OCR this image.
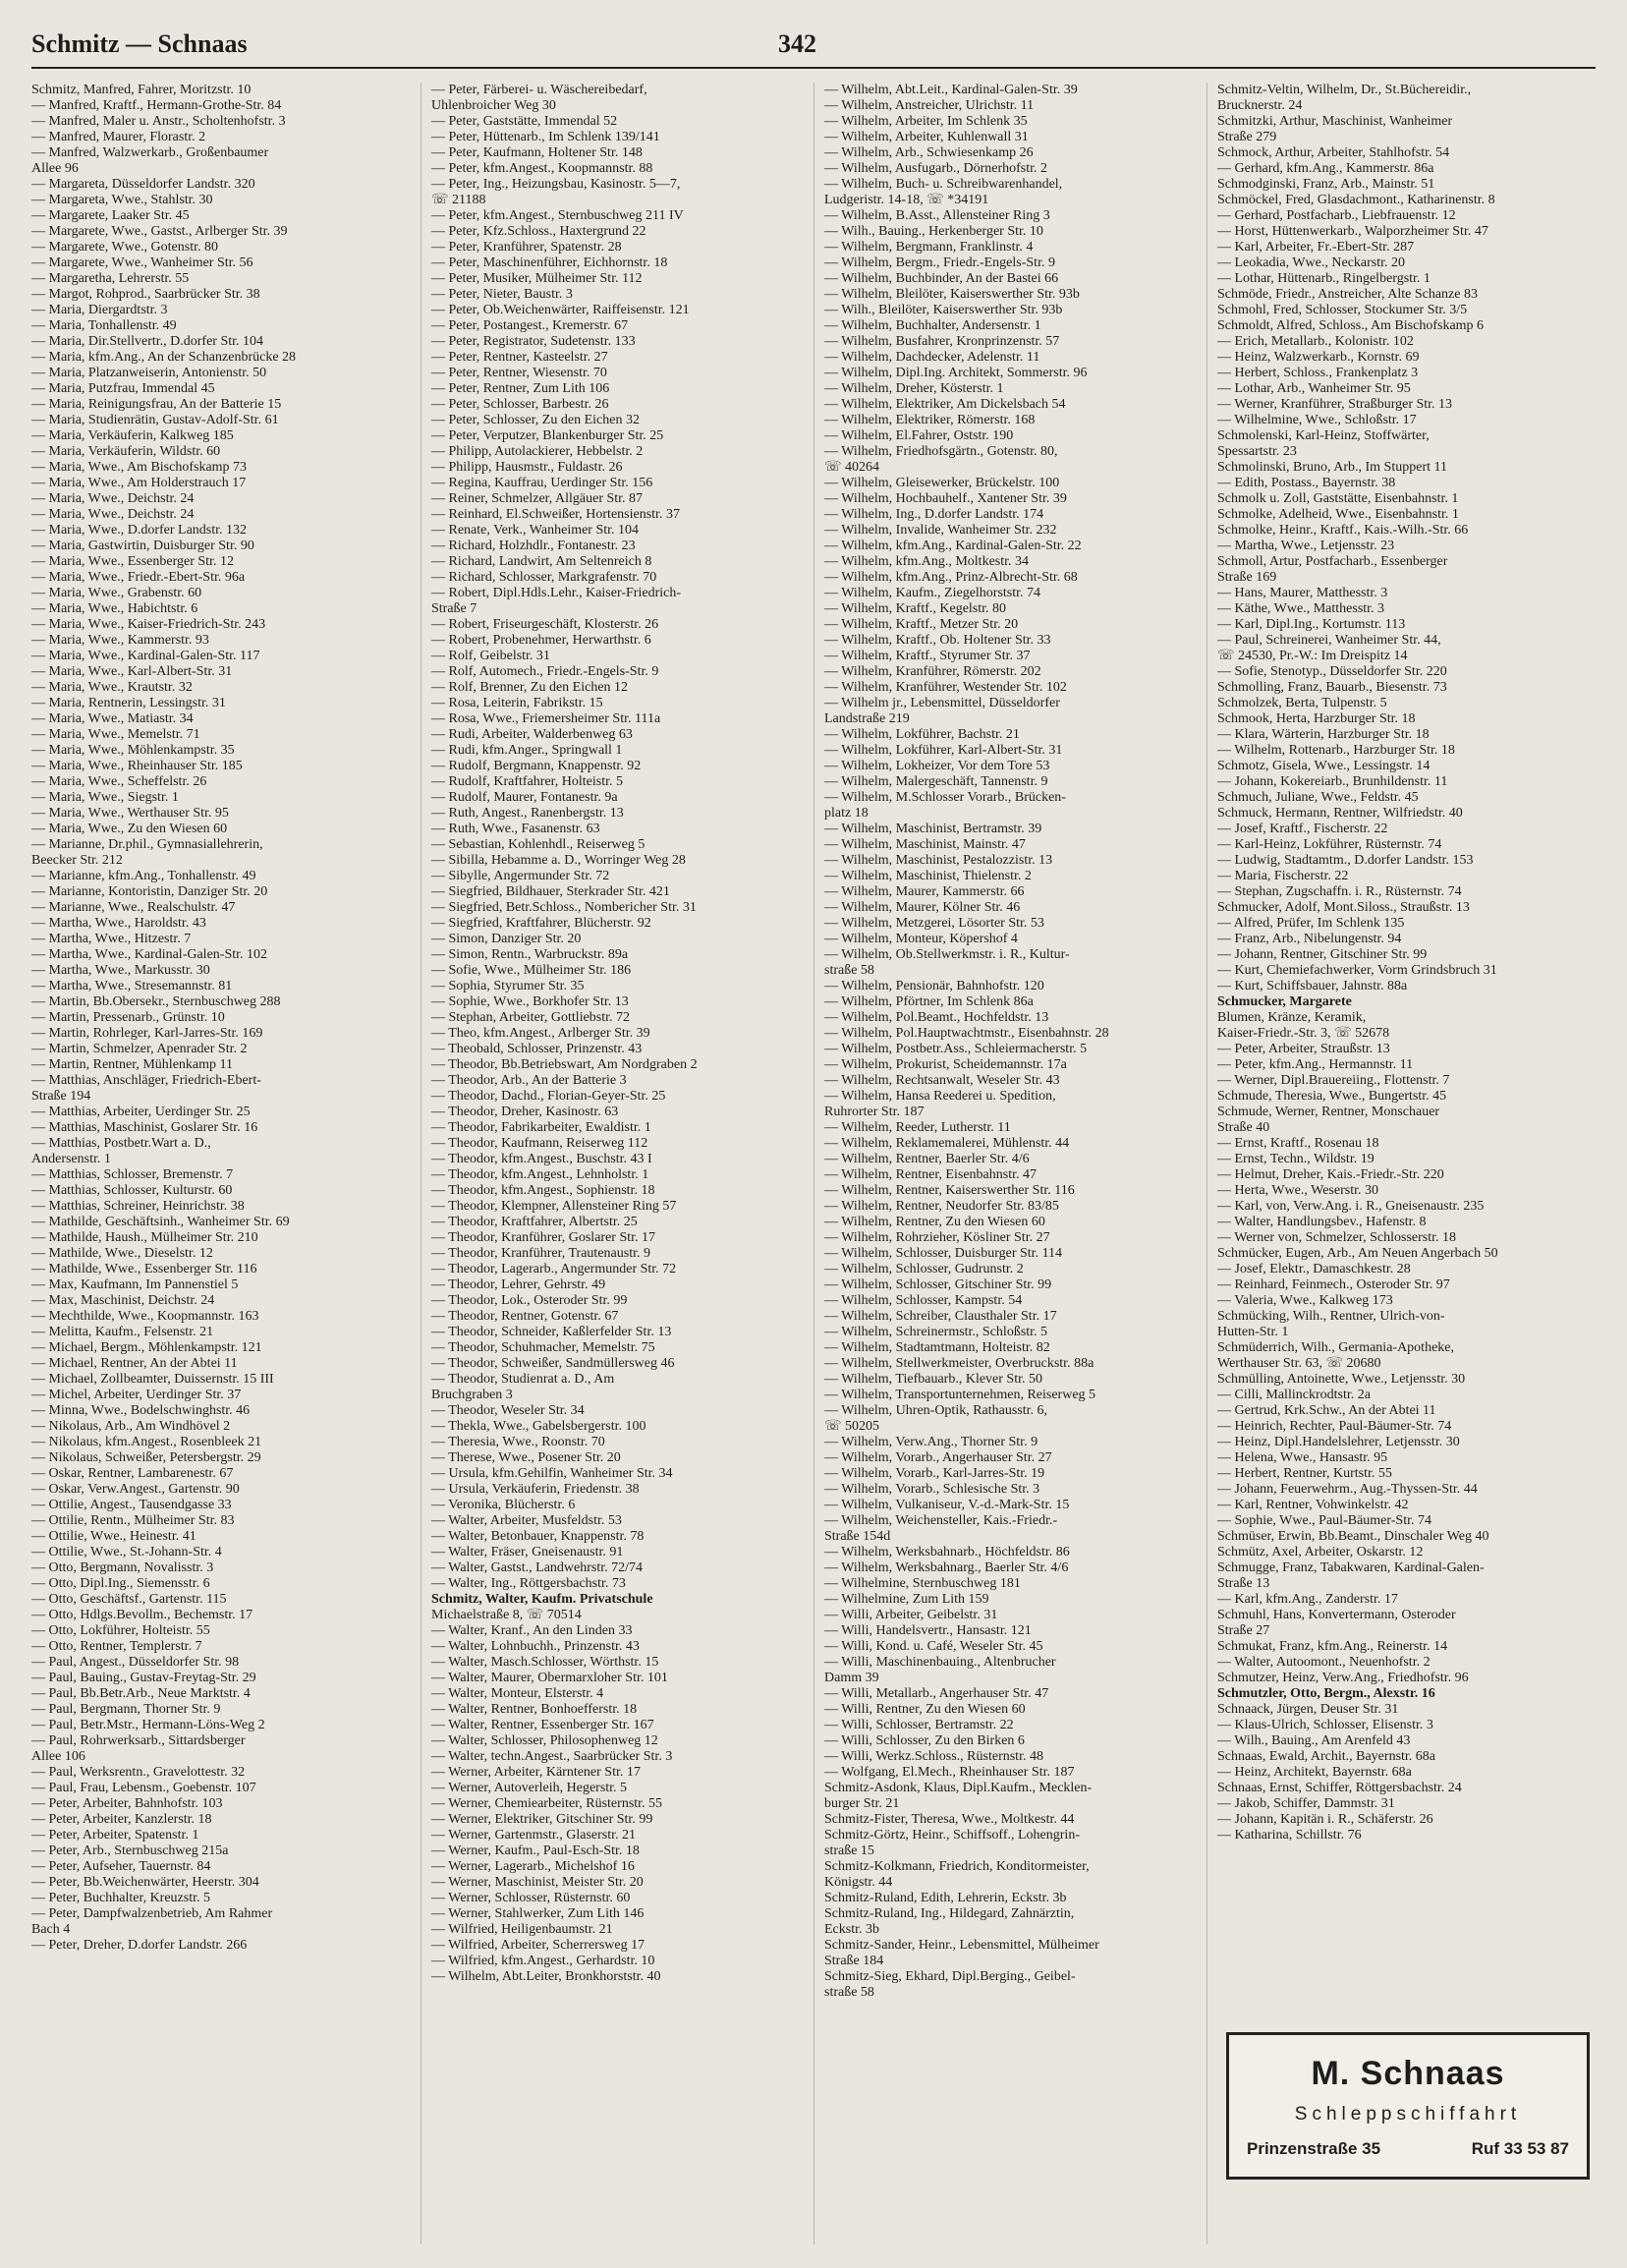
Schmitz — Schnaas	342
Schmitz, Manfred, Fahrer, Moritzstr. 10
— Manfred, Kraftf., Hermann-Grothe-Str. 84
— Manfred, Maler u. Anstr., Scholtenhofstr. 3
— Manfred, Maurer, Florastr. 2
— Manfred, Walzwerkarb., Großenbaumer
Allee 96
— Margareta, Düsseldorfer Landstr. 320
— Margareta, Wwe., Stahlstr. 30
— Margarete, Laaker Str. 45
— Margarete, Wwe., Gastst., Arlberger Str. 39
— Margarete, Wwe., Gotenstr. 80
— Margarete, Wwe., Wanheimer Str. 56
— Margaretha, Lehrerstr. 55
— Margot, Rohprod., Saarbrücker Str. 38
— Maria, Diergardtstr. 3
— Maria, Tonhallenstr. 49
— Maria, Dir.Stellvertr., D.dorfer Str. 104
— Maria, kfm.Ang., An der Schanzenbrücke 28
— Maria, Platzanweiserin, Antonienstr. 50
— Maria, Putzfrau, Immendal 45
— Maria, Reinigungsfrau, An der Batterie 15
— Maria, Studienrätin, Gustav-Adolf-Str. 61
— Maria, Verkäuferin, Kalkweg 185
— Maria, Verkäuferin, Wildstr. 60
— Maria, Wwe., Am Bischofskamp 73
— Maria, Wwe., Am Holderstrauch 17
— Maria, Wwe., Deichstr. 24
— Maria, Wwe., Deichstr. 24
— Maria, Wwe., D.dorfer Landstr. 132
— Maria, Gastwirtin, Duisburger Str. 90
— Maria, Wwe., Essenberger Str. 12
— Maria, Wwe., Friedr.-Ebert-Str. 96a
— Maria, Wwe., Grabenstr. 60
— Maria, Wwe., Habichtstr. 6
— Maria, Wwe., Kaiser-Friedrich-Str. 243
— Maria, Wwe., Kammerstr. 93
— Maria, Wwe., Kardinal-Galen-Str. 117
— Maria, Wwe., Karl-Albert-Str. 31
— Maria, Wwe., Krautstr. 32
— Maria, Rentnerin, Lessingstr. 31
— Maria, Wwe., Matiastr. 34
— Maria, Wwe., Memelstr. 71
— Maria, Wwe., Möhlenkampstr. 35
— Maria, Wwe., Rheinhauser Str. 185
— Maria, Wwe., Scheffelstr. 26
— Maria, Wwe., Siegstr. 1
— Maria, Wwe., Werthauser Str. 95
— Maria, Wwe., Zu den Wiesen 60
— Marianne, Dr.phil., Gymnasiallehrerin,
Beecker Str. 212
— Marianne, kfm.Ang., Tonhallenstr. 49
— Marianne, Kontoristin, Danziger Str. 20
— Marianne, Wwe., Realschulstr. 47
— Martha, Wwe., Haroldstr. 43
— Martha, Wwe., Hitzestr. 7
— Martha, Wwe., Kardinal-Galen-Str. 102
— Martha, Wwe., Markusstr. 30
— Martha, Wwe., Stresemannstr. 81
— Martin, Bb.Obersekr., Sternbuschweg 288
— Martin, Pressenarb., Grünstr. 10
— Martin, Rohrleger, Karl-Jarres-Str. 169
— Martin, Schmelzer, Apenrader Str. 2
— Martin, Rentner, Mühlenkamp 11
— Matthias, Anschläger, Friedrich-Ebert-
Straße 194
— Matthias, Arbeiter, Uerdinger Str. 25
— Matthias, Maschinist, Goslarer Str. 16
— Matthias, Postbetr.Wart a. D.,
Andersenstr. 1
— Matthias, Schlosser, Bremenstr. 7
— Matthias, Schlosser, Kulturstr. 60
— Matthias, Schreiner, Heinrichstr. 38
— Mathilde, Geschäftsinh., Wanheimer Str. 69
— Mathilde, Haush., Mülheimer Str. 210
— Mathilde, Wwe., Dieselstr. 12
— Mathilde, Wwe., Essenberger Str. 116
— Max, Kaufmann, Im Pannenstiel 5
— Max, Maschinist, Deichstr. 24
— Mechthilde, Wwe., Koopmannstr. 163
— Melitta, Kaufm., Felsenstr. 21
— Michael, Bergm., Möhlenkampstr. 121
— Michael, Rentner, An der Abtei 11
— Michael, Zollbeamter, Duissernstr. 15 III
— Michel, Arbeiter, Uerdinger Str. 37
— Minna, Wwe., Bodelschwinghstr. 46
— Nikolaus, Arb., Am Windhövel 2
— Nikolaus, kfm.Angest., Rosenbleek 21
— Nikolaus, Schweißer, Petersbergstr. 29
— Oskar, Rentner, Lambarenestr. 67
— Oskar, Verw.Angest., Gartenstr. 90
— Ottilie, Angest., Tausendgasse 33
— Ottilie, Rentn., Mülheimer Str. 83
— Ottilie, Wwe., Heinestr. 41
— Ottilie, Wwe., St.-Johann-Str. 4
— Otto, Bergmann, Novalisstr. 3
— Otto, Dipl.Ing., Siemensstr. 6
— Otto, Geschäftsf., Gartenstr. 115
— Otto, Hdlgs.Bevollm., Bechemstr. 17
— Otto, Lokführer, Holteistr. 55
— Otto, Rentner, Templerstr. 7
— Paul, Angest., Düsseldorfer Str. 98
— Paul, Bauing., Gustav-Freytag-Str. 29
— Paul, Bb.Betr.Arb., Neue Marktstr. 4
— Paul, Bergmann, Thorner Str. 9
— Paul, Betr.Mstr., Hermann-Löns-Weg 2
— Paul, Rohrwerksarb., Sittardsberger
Allee 106
— Paul, Werksrentn., Gravelottestr. 32
— Paul, Frau, Lebensm., Goebenstr. 107
— Peter, Arbeiter, Bahnhofstr. 103
— Peter, Arbeiter, Kanzlerstr. 18
— Peter, Arbeiter, Spatenstr. 1
— Peter, Arb., Sternbuschweg 215a
— Peter, Aufseher, Tauernstr. 84
— Peter, Bb.Weichenwärter, Heerstr. 304
— Peter, Buchhalter, Kreuzstr. 5
— Peter, Dampfwalzenbetrieb, Am Rahmer
Bach 4
— Peter, Dreher, D.dorfer Landstr. 266
— Peter, Färberei- u. Wäschereibedarf,
Uhlenbroicher Weg 30
— Peter, Gaststätte, Immendal 52
— Peter, Hüttenarb., Im Schlenk 139/141
— Peter, Kaufmann, Holtener Str. 148
— Peter, kfm.Angest., Koopmannstr. 88
— Peter, Ing., Heizungsbau, Kasinostr. 5—7,
☏ 21188
— Peter, kfm.Angest., Sternbuschweg 211 IV
— Peter, Kfz.Schloss., Haxtergrund 22
— Peter, Kranführer, Spatenstr. 28
— Peter, Maschinenführer, Eichhornstr. 18
— Peter, Musiker, Mülheimer Str. 112
— Peter, Nieter, Baustr. 3
— Peter, Ob.Weichenwärter, Raiffeisenstr. 121
— Peter, Postangest., Kremerstr. 67
— Peter, Registrator, Sudetenstr. 133
— Peter, Rentner, Kasteelstr. 27
— Peter, Rentner, Wiesenstr. 70
— Peter, Rentner, Zum Lith 106
— Peter, Schlosser, Barbestr. 26
— Peter, Schlosser, Zu den Eichen 32
— Peter, Verputzer, Blankenburger Str. 25
— Philipp, Autolackierer, Hebbelstr. 2
— Philipp, Hausmstr., Fuldastr. 26
— Regina, Kauffrau, Uerdinger Str. 156
— Reiner, Schmelzer, Allgäuer Str. 87
— Reinhard, El.Schweißer, Hortensienstr. 37
— Renate, Verk., Wanheimer Str. 104
— Richard, Holzhdlr., Fontanestr. 23
— Richard, Landwirt, Am Seltenreich 8
— Richard, Schlosser, Markgrafenstr. 70
— Robert, Dipl.Hdls.Lehr., Kaiser-Friedrich-
Straße 7
— Robert, Friseurgeschäft, Klosterstr. 26
— Robert, Probenehmer, Herwarthstr. 6
— Rolf, Geibelstr. 31
— Rolf, Automech., Friedr.-Engels-Str. 9
— Rolf, Brenner, Zu den Eichen 12
— Rosa, Leiterin, Fabrikstr. 15
— Rosa, Wwe., Friemersheimer Str. 111a
— Rudi, Arbeiter, Walderbenweg 63
— Rudi, kfm.Anger., Springwall 1
— Rudolf, Bergmann, Knappenstr. 92
— Rudolf, Kraftfahrer, Holteistr. 5
— Rudolf, Maurer, Fontanestr. 9a
— Ruth, Angest., Ranenbergstr. 13
— Ruth, Wwe., Fasanenstr. 63
— Sebastian, Kohlenhdl., Reiserweg 5
— Sibilla, Hebamme a. D., Worringer Weg 28
— Sibylle, Angermunder Str. 72
— Siegfried, Bildhauer, Sterkrader Str. 421
— Siegfried, Betr.Schloss., Nombericher Str. 31
— Siegfried, Kraftfahrer, Blücherstr. 92
— Simon, Danziger Str. 20
— Simon, Rentn., Warbruckstr. 89a
— Sofie, Wwe., Mülheimer Str. 186
— Sophia, Styrumer Str. 35
— Sophie, Wwe., Borkhofer Str. 13
— Stephan, Arbeiter, Gottliebstr. 72
— Theo, kfm.Angest., Arlberger Str. 39
— Theobald, Schlosser, Prinzenstr. 43
— Theodor, Bb.Betriebswart, Am Nordgraben 2
— Theodor, Arb., An der Batterie 3
— Theodor, Dachd., Florian-Geyer-Str. 25
— Theodor, Dreher, Kasinostr. 63
— Theodor, Fabrikarbeiter, Ewaldistr. 1
— Theodor, Kaufmann, Reiserweg 112
— Theodor, kfm.Angest., Buschstr. 43 I
— Theodor, kfm.Angest., Lehnholstr. 1
— Theodor, kfm.Angest., Sophienstr. 18
— Theodor, Klempner, Allensteiner Ring 57
— Theodor, Kraftfahrer, Albertstr. 25
— Theodor, Kranführer, Goslarer Str. 17
— Theodor, Kranführer, Trautenaustr. 9
— Theodor, Lagerarb., Angermunder Str. 72
— Theodor, Lehrer, Gehrstr. 49
— Theodor, Lok., Osteroder Str. 99
— Theodor, Rentner, Gotenstr. 67
— Theodor, Schneider, Kaßlerfelder Str. 13
— Theodor, Schuhmacher, Memelstr. 75
— Theodor, Schweißer, Sandmüllersweg 46
— Theodor, Studienrat a. D., Am
Bruchgraben 3
— Theodor, Weseler Str. 34
— Thekla, Wwe., Gabelsbergerstr. 100
— Theresia, Wwe., Roonstr. 70
— Therese, Wwe., Posener Str. 20
— Ursula, kfm.Gehilfin, Wanheimer Str. 34
— Ursula, Verkäuferin, Friedenstr. 38
— Veronika, Blücherstr. 6
— Walter, Arbeiter, Musfeldstr. 53
— Walter, Betonbauer, Knappenstr. 78
— Walter, Fräser, Gneisenaustr. 91
— Walter, Gastst., Landwehrstr. 72/74
— Walter, Ing., Röttgersbachstr. 73
Schmitz, Walter, Kaufm. Privatschule
Michaelstraße 8, ☏ 70514
— Walter, Kranf., An den Linden 33
— Walter, Lohnbuchh., Prinzenstr. 43
— Walter, Masch.Schlosser, Wörthstr. 15
— Walter, Maurer, Obermarxloher Str. 101
— Walter, Monteur, Elsterstr. 4
— Walter, Rentner, Bonhoefferstr. 18
— Walter, Rentner, Essenberger Str. 167
— Walter, Schlosser, Philosophenweg 12
— Walter, techn.Angest., Saarbrücker Str. 3
— Werner, Arbeiter, Kärntener Str. 17
— Werner, Autoverleih, Hegerstr. 5
— Werner, Chemiearbeiter, Rüsternstr. 55
— Werner, Elektriker, Gitschiner Str. 99
— Werner, Gartenmstr., Glaserstr. 21
— Werner, Kaufm., Paul-Esch-Str. 18
— Werner, Lagerarb., Michelshof 16
— Werner, Maschinist, Meister Str. 20
— Werner, Schlosser, Rüsternstr. 60
— Werner, Stahlwerker, Zum Lith 146
— Wilfried, Heiligenbaumstr. 21
— Wilfried, Arbeiter, Scherrersweg 17
— Wilfried, kfm.Angest., Gerhardstr. 10
— Wilhelm, Abt.Leiter, Bronkhorststr. 40
— Wilhelm, Abt.Leit., Kardinal-Galen-Str. 39
— Wilhelm, Anstreicher, Ulrichstr. 11
— Wilhelm, Arbeiter, Im Schlenk 35
— Wilhelm, Arbeiter, Kuhlenwall 31
— Wilhelm, Arb., Schwiesenkamp 26
— Wilhelm, Ausfugarb., Dörnerhofstr. 2
— Wilhelm, Buch- u. Schreibwarenhandel,
Ludgeristr. 14-18, ☏ *34191
— Wilhelm, B.Asst., Allensteiner Ring 3
— Wilh., Bauing., Herkenberger Str. 10
— Wilhelm, Bergmann, Franklinstr. 4
— Wilhelm, Bergm., Friedr.-Engels-Str. 9
— Wilhelm, Buchbinder, An der Bastei 66
— Wilhelm, Bleilöter, Kaiserswerther Str. 93b
— Wilh., Bleilöter, Kaiserswerther Str. 93b
— Wilhelm, Buchhalter, Andersenstr. 1
— Wilhelm, Busfahrer, Kronprinzenstr. 57
— Wilhelm, Dachdecker, Adelenstr. 11
— Wilhelm, Dipl.Ing. Architekt, Sommerstr. 96
— Wilhelm, Dreher, Kösterstr. 1
— Wilhelm, Elektriker, Am Dickelsbach 54
— Wilhelm, Elektriker, Römerstr. 168
— Wilhelm, El.Fahrer, Oststr. 190
— Wilhelm, Friedhofsgärtn., Gotenstr. 80,
☏ 40264
— Wilhelm, Gleisewerker, Brückelstr. 100
— Wilhelm, Hochbauhelf., Xantener Str. 39
— Wilhelm, Ing., D.dorfer Landstr. 174
— Wilhelm, Invalide, Wanheimer Str. 232
— Wilhelm, kfm.Ang., Kardinal-Galen-Str. 22
— Wilhelm, kfm.Ang., Moltkestr. 34
— Wilhelm, kfm.Ang., Prinz-Albrecht-Str. 68
— Wilhelm, Kaufm., Ziegelhorststr. 74
— Wilhelm, Kraftf., Kegelstr. 80
— Wilhelm, Kraftf., Metzer Str. 20
— Wilhelm, Kraftf., Ob. Holtener Str. 33
— Wilhelm, Kraftf., Styrumer Str. 37
— Wilhelm, Kranführer, Römerstr. 202
— Wilhelm, Kranführer, Westender Str. 102
— Wilhelm jr., Lebensmittel, Düsseldorfer
Landstraße 219
— Wilhelm, Lokführer, Bachstr. 21
— Wilhelm, Lokführer, Karl-Albert-Str. 31
— Wilhelm, Lokheizer, Vor dem Tore 53
— Wilhelm, Malergeschäft, Tannenstr. 9
— Wilhelm, M.Schlosser Vorarb., Brücken-
platz 18
— Wilhelm, Maschinist, Bertramstr. 39
— Wilhelm, Maschinist, Mainstr. 47
— Wilhelm, Maschinist, Pestalozzistr. 13
— Wilhelm, Maschinist, Thielenstr. 2
— Wilhelm, Maurer, Kammerstr. 66
— Wilhelm, Maurer, Kölner Str. 46
— Wilhelm, Metzgerei, Lösorter Str. 53
— Wilhelm, Monteur, Köpershof 4
— Wilhelm, Ob.Stellwerkmstr. i. R., Kultur-
straße 58
— Wilhelm, Pensionär, Bahnhofstr. 120
— Wilhelm, Pförtner, Im Schlenk 86a
— Wilhelm, Pol.Beamt., Hochfeldstr. 13
— Wilhelm, Pol.Hauptwachtmstr., Eisenbahnstr. 28
— Wilhelm, Postbetr.Ass., Schleiermacherstr. 5
— Wilhelm, Prokurist, Scheidemannstr. 17a
— Wilhelm, Rechtsanwalt, Weseler Str. 43
— Wilhelm, Hansa Reederei u. Spedition,
Ruhrorter Str. 187
— Wilhelm, Reeder, Lutherstr. 11
— Wilhelm, Reklamemalerei, Mühlenstr. 44
— Wilhelm, Rentner, Baerler Str. 4/6
— Wilhelm, Rentner, Eisenbahnstr. 47
— Wilhelm, Rentner, Kaiserswerther Str. 116
— Wilhelm, Rentner, Neudorfer Str. 83/85
— Wilhelm, Rentner, Zu den Wiesen 60
— Wilhelm, Rohrzieher, Kösliner Str. 27
— Wilhelm, Schlosser, Duisburger Str. 114
— Wilhelm, Schlosser, Gudrunstr. 2
— Wilhelm, Schlosser, Gitschiner Str. 99
— Wilhelm, Schlosser, Kampstr. 54
— Wilhelm, Schreiber, Clausthaler Str. 17
— Wilhelm, Schreinermstr., Schloßstr. 5
— Wilhelm, Stadtamtmann, Holteistr. 82
— Wilhelm, Stellwerkmeister, Overbruckstr. 88a
— Wilhelm, Tiefbauarb., Klever Str. 50
— Wilhelm, Transportunternehmen, Reiserweg 5
— Wilhelm, Uhren-Optik, Rathausstr. 6,
☏ 50205
— Wilhelm, Verw.Ang., Thorner Str. 9
— Wilhelm, Vorarb., Angerhauser Str. 27
— Wilhelm, Vorarb., Karl-Jarres-Str. 19
— Wilhelm, Vorarb., Schlesische Str. 3
— Wilhelm, Vulkaniseur, V.-d.-Mark-Str. 15
— Wilhelm, Weichensteller, Kais.-Friedr.-
Straße 154d
— Wilhelm, Werksbahnarb., Höchfeldstr. 86
— Wilhelm, Werksbahnarg., Baerler Str. 4/6
— Wilhelmine, Sternbuschweg 181
— Wilhelmine, Zum Lith 159
— Willi, Arbeiter, Geibelstr. 31
— Willi, Handelsvertr., Hansastr. 121
— Willi, Kond. u. Café, Weseler Str. 45
— Willi, Maschinenbauing., Altenbrucher
Damm 39
— Willi, Metallarb., Angerhauser Str. 47
— Willi, Rentner, Zu den Wiesen 60
— Willi, Schlosser, Bertramstr. 22
— Willi, Schlosser, Zu den Birken 6
— Willi, Werkz.Schloss., Rüsternstr. 48
— Wolfgang, El.Mech., Rheinhauser Str. 187
Schmitz-Asdonk, Klaus, Dipl.Kaufm., Mecklen-
burger Str. 21
Schmitz-Fister, Theresa, Wwe., Moltkestr. 44
Schmitz-Görtz, Heinr., Schiffsoff., Lohengrin-
straße 15
Schmitz-Kolkmann, Friedrich, Konditormeister,
Königstr. 44
Schmitz-Ruland, Edith, Lehrerin, Eckstr. 3b
Schmitz-Ruland, Ing., Hildegard, Zahnärztin,
Eckstr. 3b
Schmitz-Sander, Heinr., Lebensmittel, Mülheimer
Straße 184
Schmitz-Sieg, Ekhard, Dipl.Berging., Geibel-
straße 58
Schmitz-Veltin, Wilhelm, Dr., St.Büchereidir.,
Brucknerstr. 24
Schmitzki, Arthur, Maschinist, Wanheimer
Straße 279
Schmock, Arthur, Arbeiter, Stahlhofstr. 54
— Gerhard, kfm.Ang., Kammerstr. 86a
Schmodginski, Franz, Arb., Mainstr. 51
Schmöckel, Fred, Glasdachmont., Katharinenstr. 8
— Gerhard, Postfacharb., Liebfrauenstr. 12
— Horst, Hüttenwerkarb., Walporzheimer Str. 47
— Karl, Arbeiter, Fr.-Ebert-Str. 287
— Leokadia, Wwe., Neckarstr. 20
— Lothar, Hüttenarb., Ringelbergstr. 1
Schmöde, Friedr., Anstreicher, Alte Schanze 83
Schmohl, Fred, Schlosser, Stockumer Str. 3/5
Schmoldt, Alfred, Schloss., Am Bischofskamp 6
— Erich, Metallarb., Kolonistr. 102
— Heinz, Walzwerkarb., Kornstr. 69
— Herbert, Schloss., Frankenplatz 3
— Lothar, Arb., Wanheimer Str. 95
— Werner, Kranführer, Straßburger Str. 13
— Wilhelmine, Wwe., Schloßstr. 17
Schmolenski, Karl-Heinz, Stoffwärter,
Spessartstr. 23
Schmolinski, Bruno, Arb., Im Stuppert 11
— Edith, Postass., Bayernstr. 38
Schmolk u. Zoll, Gaststätte, Eisenbahnstr. 1
Schmolke, Adelheid, Wwe., Eisenbahnstr. 1
Schmolke, Heinr., Kraftf., Kais.-Wilh.-Str. 66
— Martha, Wwe., Letjensstr. 23
Schmoll, Artur, Postfacharb., Essenberger
Straße 169
— Hans, Maurer, Matthesstr. 3
— Käthe, Wwe., Matthesstr. 3
— Karl, Dipl.Ing., Kortumstr. 113
— Paul, Schreinerei, Wanheimer Str. 44,
☏ 24530, Pr.-W.: Im Dreispitz 14
— Sofie, Stenotyp., Düsseldorfer Str. 220
Schmolling, Franz, Bauarb., Biesenstr. 73
Schmolzek, Berta, Tulpenstr. 5
Schmook, Herta, Harzburger Str. 18
— Klara, Wärterin, Harzburger Str. 18
— Wilhelm, Rottenarb., Harzburger Str. 18
Schmotz, Gisela, Wwe., Lessingstr. 14
— Johann, Kokereiarb., Brunhildenstr. 11
Schmuch, Juliane, Wwe., Feldstr. 45
Schmuck, Hermann, Rentner, Wilfriedstr. 40
— Josef, Kraftf., Fischerstr. 22
— Karl-Heinz, Lokführer, Rüsternstr. 74
— Ludwig, Stadtamtm., D.dorfer Landstr. 153
— Maria, Fischerstr. 22
— Stephan, Zugschaffn. i. R., Rüsternstr. 74
Schmucker, Adolf, Mont.Siloss., Straußstr. 13
— Alfred, Prüfer, Im Schlenk 135
— Franz, Arb., Nibelungenstr. 94
— Johann, Rentner, Gitschiner Str. 99
— Kurt, Chemiefachwerker, Vorm Grindsbruch 31
— Kurt, Schiffsbauer, Jahnstr. 88a
Schmucker, Margarete
Blumen, Kränze, Keramik,
Kaiser-Friedr.-Str. 3, ☏ 52678
— Peter, Arbeiter, Straußstr. 13
— Peter, kfm.Ang., Hermannstr. 11
— Werner, Dipl.Brauereiing., Flottenstr. 7
Schmude, Theresia, Wwe., Bungertstr. 45
Schmude, Werner, Rentner, Monschauer
Straße 40
— Ernst, Kraftf., Rosenau 18
— Ernst, Techn., Wildstr. 19
— Helmut, Dreher, Kais.-Friedr.-Str. 220
— Herta, Wwe., Weserstr. 30
— Karl, von, Verw.Ang. i. R., Gneisenaustr. 235
— Walter, Handlungsbev., Hafenstr. 8
— Werner von, Schmelzer, Schlosserstr. 18
Schmücker, Eugen, Arb., Am Neuen Angerbach 50
— Josef, Elektr., Damaschkestr. 28
— Reinhard, Feinmech., Osteroder Str. 97
— Valeria, Wwe., Kalkweg 173
Schmücking, Wilh., Rentner, Ulrich-von-
Hutten-Str. 1
Schmüderrich, Wilh., Germania-Apotheke,
Werthauser Str. 63, ☏ 20680
Schmülling, Antoinette, Wwe., Letjensstr. 30
— Cilli, Mallinckrodtstr. 2a
— Gertrud, Krk.Schw., An der Abtei 11
— Heinrich, Rechter, Paul-Bäumer-Str. 74
— Heinz, Dipl.Handelslehrer, Letjensstr. 30
— Helena, Wwe., Hansastr. 95
— Herbert, Rentner, Kurtstr. 55
— Johann, Feuerwehrm., Aug.-Thyssen-Str. 44
— Karl, Rentner, Vohwinkelstr. 42
— Sophie, Wwe., Paul-Bäumer-Str. 74
Schmüser, Erwin, Bb.Beamt., Dinschaler Weg 40
Schmütz, Axel, Arbeiter, Oskarstr. 12
Schmugge, Franz, Tabakwaren, Kardinal-Galen-
Straße 13
— Karl, kfm.Ang., Zanderstr. 17
Schmuhl, Hans, Konvertermann, Osteroder
Straße 27
Schmukat, Franz, kfm.Ang., Reinerstr. 14
— Walter, Autoomont., Neuenhofstr. 2
Schmutzer, Heinz, Verw.Ang., Friedhofstr. 96
Schmutzler, Otto, Bergm., Alexstr. 16
Schnaack, Jürgen, Deuser Str. 31
— Klaus-Ulrich, Schlosser, Elisenstr. 3
— Wilh., Bauing., Am Arenfeld 43
Schnaas, Ewald, Archit., Bayernstr. 68a
— Heinz, Architekt, Bayernstr. 68a
Schnaas, Ernst, Schiffer, Röttgersbachstr. 24
— Jakob, Schiffer, Dammstr. 31
— Johann, Kapitän i. R., Schäferstr. 26
— Katharina, Schillstr. 76
M. Schnaas
Schleppschiffahrt
Prinzenstraße 35	Ruf 33 53 87
